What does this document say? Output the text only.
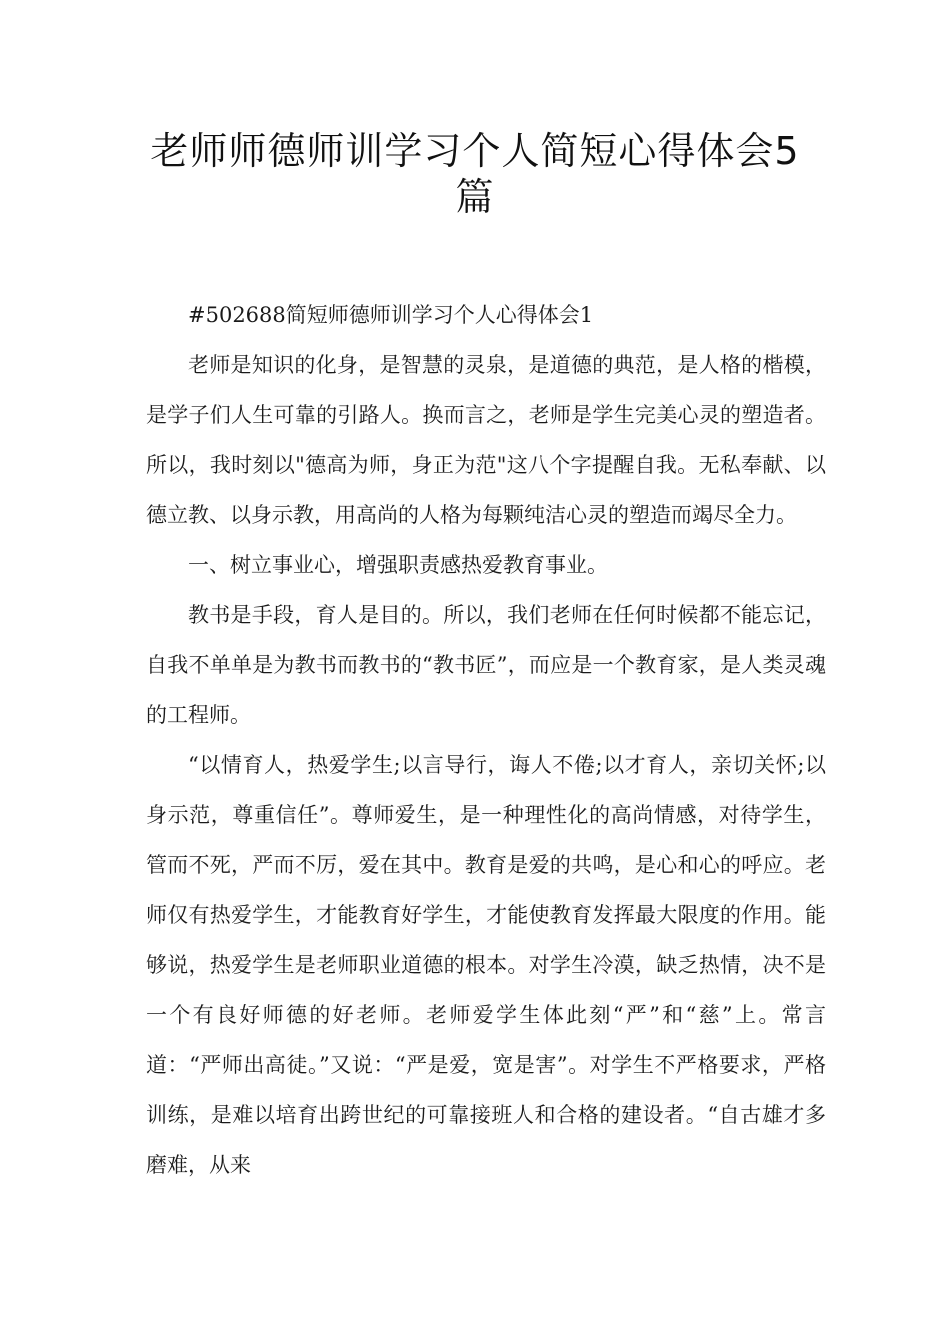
老师师德师训学习个人简短心得体会5篇

#502688简短师德师训学习个人心得体会1

老师是知识的化身，是智慧的灵泉，是道德的典范，是人格的楷模，是学子们人生可靠的引路人。换而言之，老师是学生完美心灵的塑造者。所以，我时刻以"德高为师，身正为范"这八个字提醒自我。无私奉献、以德立教、以身示教，用高尚的人格为每颗纯洁心灵的塑造而竭尽全力。

一、树立事业心，增强职责感热爱教育事业。

教书是手段，育人是目的。所以，我们老师在任何时候都不能忘记，自我不单单是为教书而教书的“教书匠”，而应是一个教育家，是人类灵魂的工程师。

“以情育人，热爱学生;以言导行，诲人不倦;以才育人，亲切关怀;以身示范，尊重信任”。尊师爱生，是一种理性化的高尚情感，对待学生，管而不死，严而不厉，爱在其中。教育是爱的共鸣，是心和心的呼应。老师仅有热爱学生，才能教育好学生，才能使教育发挥最大限度的作用。能够说，热爱学生是老师职业道德的根本。对学生冷漠，缺乏热情，决不是一个有良好师德的好老师。老师爱学生体此刻“严”和“慈”上。常言道：“严师出高徒。”又说：“严是爱，宽是害”。对学生不严格要求，严格训练，是难以培育出跨世纪的可靠接班人和合格的建设者。“自古雄才多磨难，从来
